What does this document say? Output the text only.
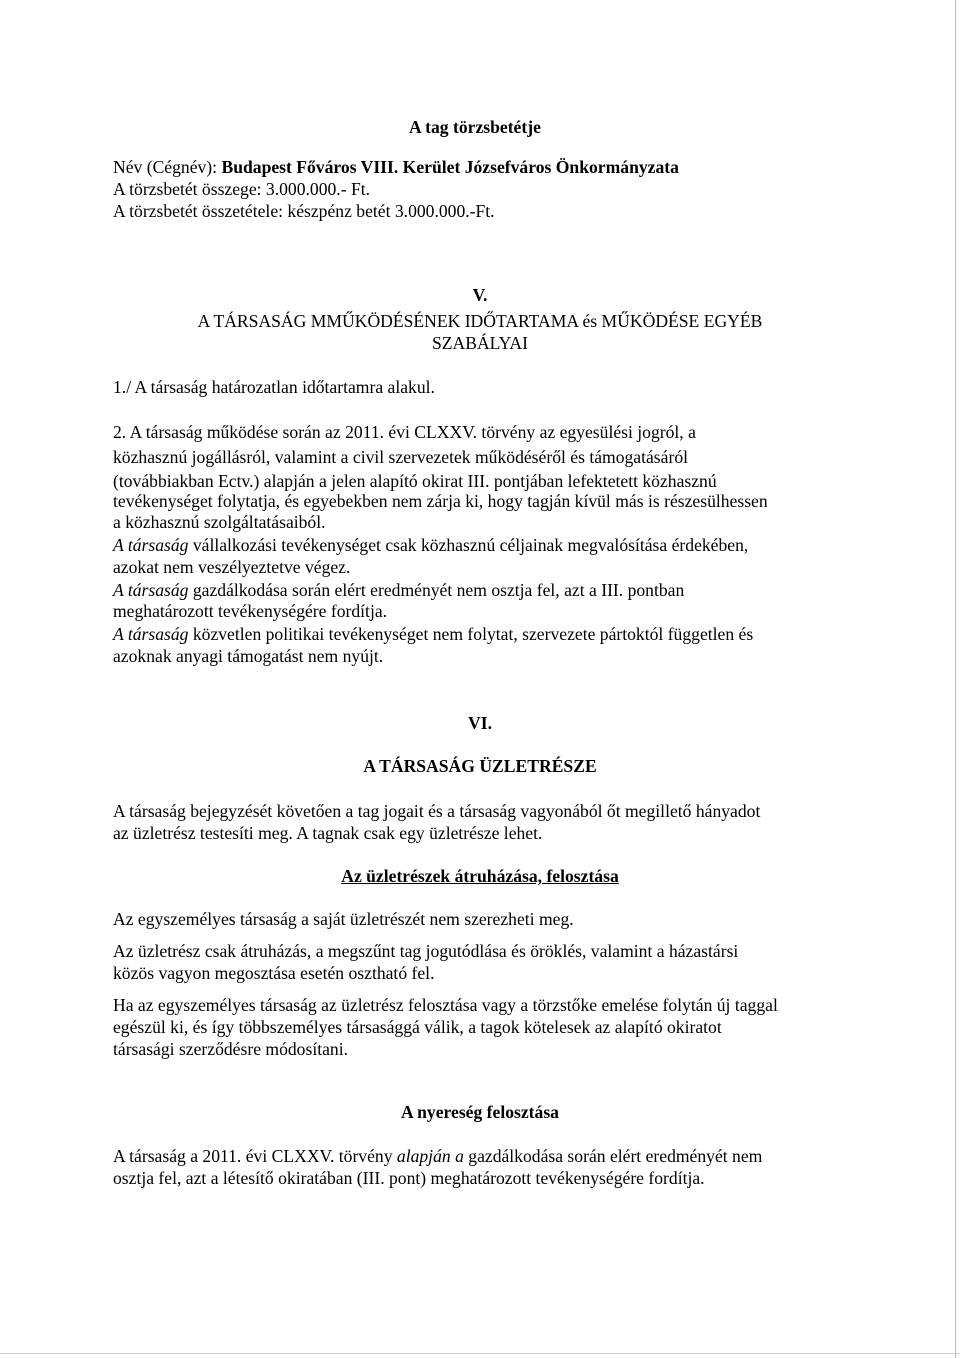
A tag törzsbetétje
Név (Cégnév): Budapest Főváros VIII. Kerület Józsefváros Önkormányzata
A törzsbetét összege: 3.000.000.- Ft.
A törzsbetét összetétele: készpénz betét 3.000.000.-Ft.
V.
A TÁRSASÁG MMŰKÖDÉSÉNEK IDŐTARTAMA és MŰKÖDÉSE EGYÉB
SZABÁLYAI
1./ A társaság határozatlan időtartamra alakul.
2. A társaság működése során az 2011. évi CLXXV. törvény az egyesülési jogról, a
közhasznú jogállásról, valamint a civil szervezetek működéséről és támogatásáról
(továbbiakban Ectv.) alapján a jelen alapító okirat III. pontjában lefektetett közhasznú
tevékenységet folytatja, és egyebekben nem zárja ki, hogy tagján kívül más is részesülhessen
a közhasznú szolgáltatásaiból.
A társaság vállalkozási tevékenységet csak közhasznú céljainak megvalósítása érdekében,
azokat nem veszélyeztetve végez.
A társaság gazdálkodása során elért eredményét nem osztja fel, azt a III. pontban
meghatározott tevékenységére fordítja.
A társaság közvetlen politikai tevékenységet nem folytat, szervezete pártoktól független és
azoknak anyagi támogatást nem nyújt.
VI.
A TÁRSASÁG ÜZLETRÉSZE
A társaság bejegyzését követően a tag jogait és a társaság vagyonából őt megillető hányadot
az üzletrész testesíti meg. A tagnak csak egy üzletrésze lehet.
Az üzletrészek átruházása, felosztása
Az egyszemélyes társaság a saját üzletrészét nem szerezheti meg.
Az üzletrész csak átruházás, a megszűnt tag jogutódlása és öröklés, valamint a házastársi
közös vagyon megosztása esetén osztható fel.
Ha az egyszemélyes társaság az üzletrész felosztása vagy a törzstőke emelése folytán új taggal
egészül ki, és így többszemélyes társasággá válik, a tagok kötelesek az alapító okiratot
társasági szerződésre módosítani.
A nyereség felosztása
A társaság a 2011. évi CLXXV. törvény alapján a gazdálkodása során elért eredményét nem
osztja fel, azt a létesítő okiratában (III. pont) meghatározott tevékenységére fordítja.
